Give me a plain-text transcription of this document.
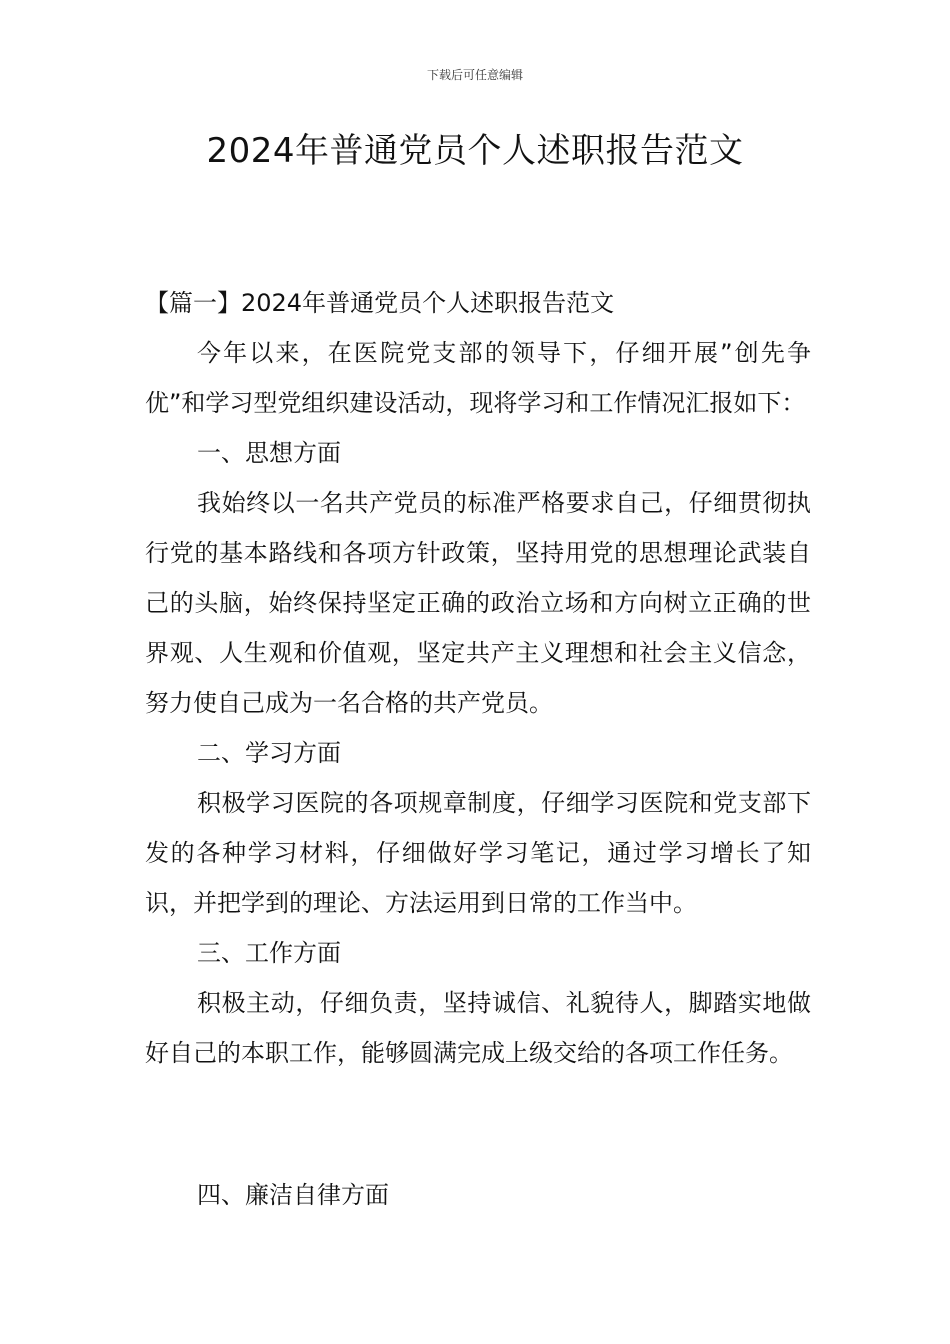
下载后可任意编辑
2024年普通党员个人述职报告范文

【篇一】2024年普通党员个人述职报告范文

今年以来，在医院党支部的领导下，仔细开展”创先争优”和学习型党组织建设活动，现将学习和工作情况汇报如下：

一、思想方面

我始终以一名共产党员的标准严格要求自己，仔细贯彻执行党的基本路线和各项方针政策，坚持用党的思想理论武装自己的头脑，始终保持坚定正确的政治立场和方向树立正确的世界观、人生观和价值观，坚定共产主义理想和社会主义信念，努力使自己成为一名合格的共产党员。

二、学习方面

积极学习医院的各项规章制度，仔细学习医院和党支部下发的各种学习材料，仔细做好学习笔记，通过学习增长了知识，并把学到的理论、方法运用到日常的工作当中。

三、工作方面

积极主动，仔细负责，坚持诚信、礼貌待人，脚踏实地做好自己的本职工作，能够圆满完成上级交给的各项工作任务。

四、廉洁自律方面
